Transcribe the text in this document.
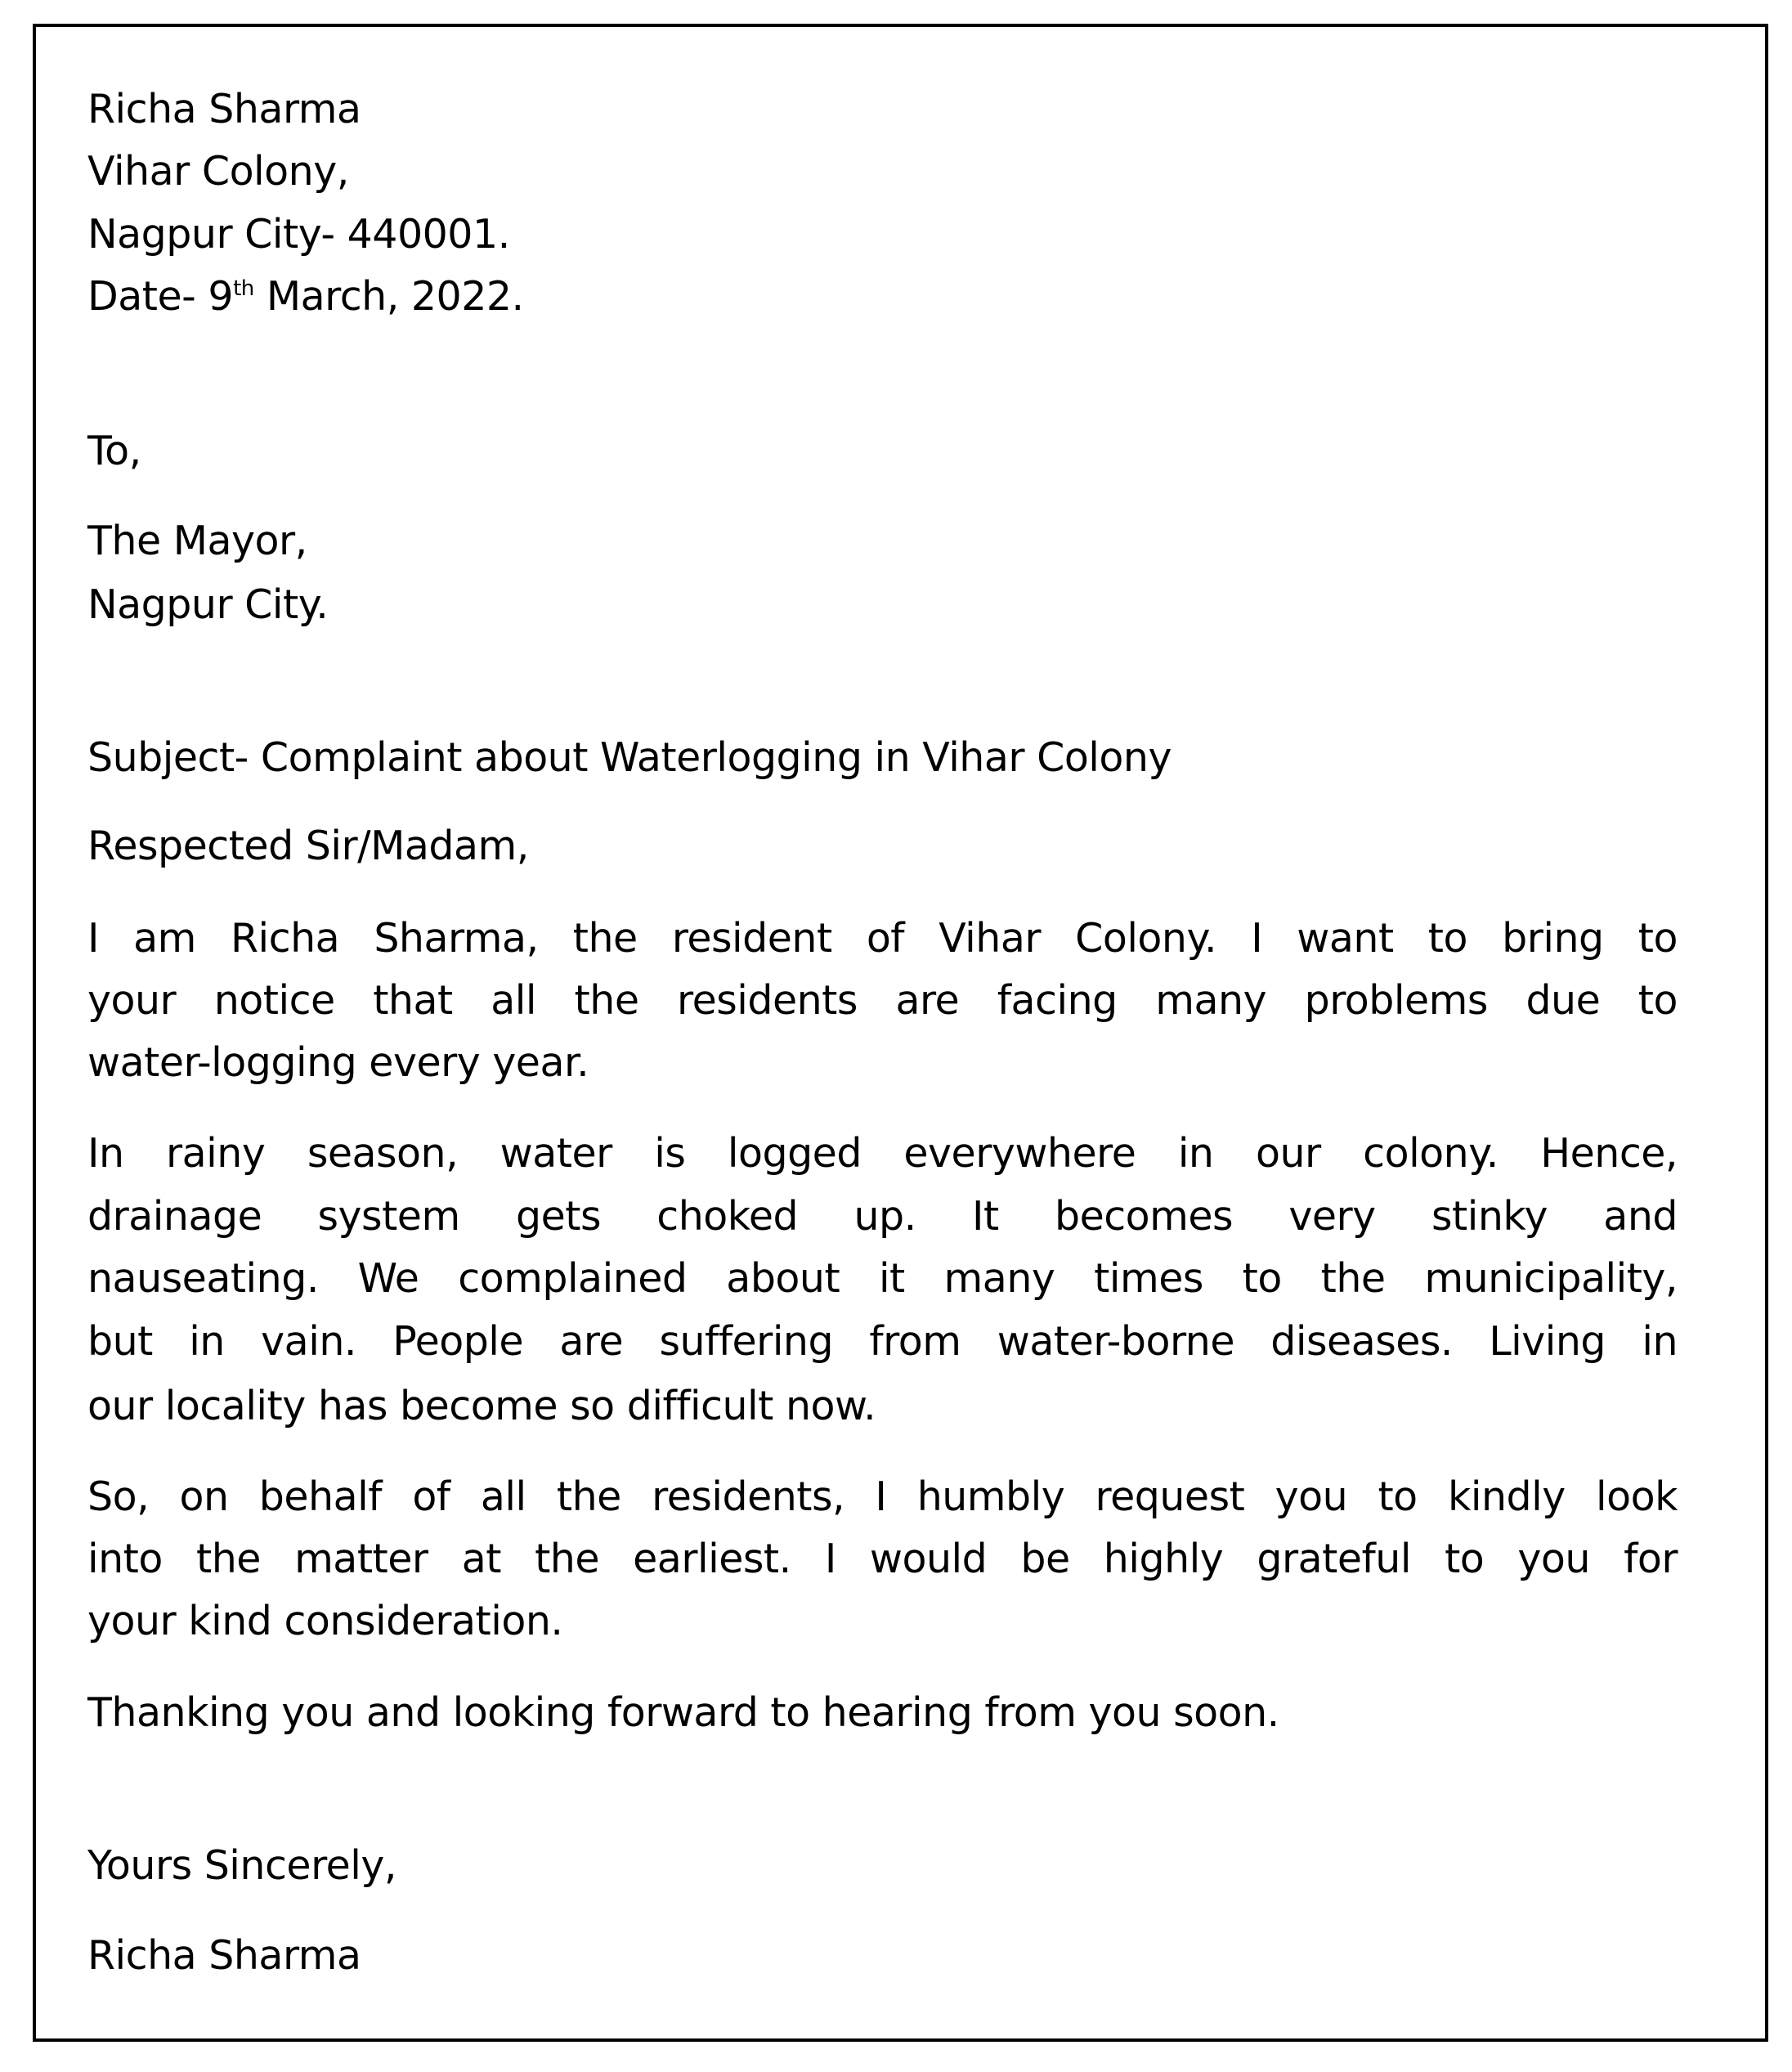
Richa Sharma
Vihar Colony,
Nagpur City- 440001.
Date- 9th March, 2022.
To,
The Mayor,
Nagpur City.
Subject- Complaint about Waterlogging in Vihar Colony
Respected Sir/Madam,
I am Richa Sharma, the resident of Vihar Colony. I want to bring to
your notice that all the residents are facing many problems due to
water-logging every year.
In rainy season, water is logged everywhere in our colony. Hence,
drainage system gets choked up. It becomes very stinky and
nauseating. We complained about it many times to the municipality,
but in vain. People are suffering from water-borne diseases. Living in
our locality has become so difficult now.
So, on behalf of all the residents, I humbly request you to kindly look
into the matter at the earliest. I would be highly grateful to you for
your kind consideration.
Thanking you and looking forward to hearing from you soon.
Yours Sincerely,
Richa Sharma
